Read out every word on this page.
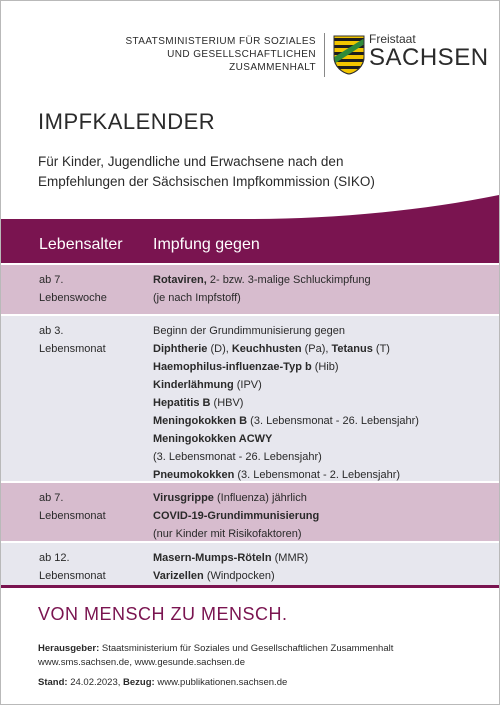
STAATSMINISTERIUM FÜR SOZIALES
UND GESELLSCHAFTLICHEN
ZUSAMMENHALT
Freistaat
SACHSEN
IMPFKALENDER
Für Kinder, Jugendliche und Erwachsene nach den
Empfehlungen der Sächsischen Impfkommission (SIKO)
Lebensalter Impfung gegen
ab 7.
Lebenswoche
Rotaviren, 2- bzw. 3-malige Schluckimpfung
(je nach Impfstoff)
ab 3.
Lebensmonat
Beginn der Grundimmunisierung gegen
Diphtherie (D), Keuchhusten (Pa), Tetanus (T)
Haemophilus-influenzae-Typ b (Hib)
Kinderlähmung (IPV)
Hepatitis B (HBV)
Meningokokken B (3. Lebensmonat - 26. Lebensjahr)
Meningokokken ACWY
(3. Lebensmonat - 26. Lebensjahr)
Pneumokokken (3. Lebensmonat - 2. Lebensjahr)
ab 7.
Lebensmonat
Virusgrippe (Influenza) jährlich
COVID-19-Grundimmunisierung
(nur Kinder mit Risikofaktoren)
ab 12.
Lebensmonat
Masern-Mumps-Röteln (MMR)
Varizellen (Windpocken)
VON MENSCH ZU MENSCH.
Herausgeber: Staatsministerium für Soziales und Gesellschaftlichen Zusammenhalt
www.sms.sachsen.de, www.gesunde.sachsen.de
Stand: 24.02.2023, Bezug: www.publikationen.sachsen.de
